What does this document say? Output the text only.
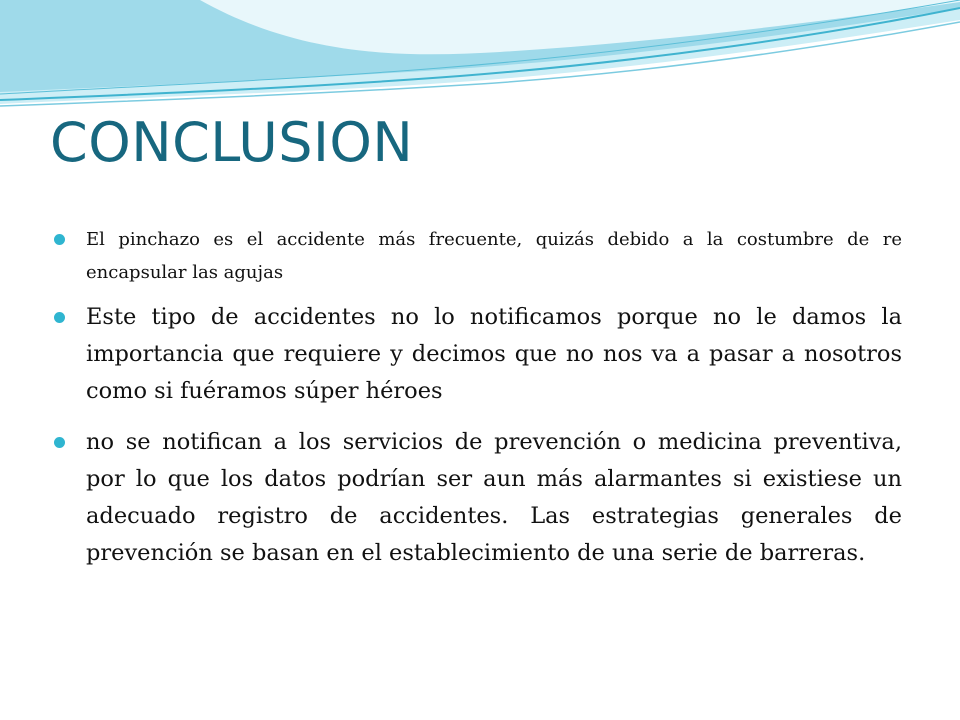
CONCLUSION
El pinchazo es el accidente más frecuente, quizás debido a la costumbre de re encapsular las agujas
Este tipo de accidentes no lo notificamos porque no le damos la importancia que requiere y decimos que no nos va a pasar a nosotros como si fuéramos súper héroes
no se notifican a los servicios de prevención o medicina preventiva, por lo que los datos podrían ser aun más alarmantes si existiese un adecuado registro de accidentes. Las estrategias generales de prevención se basan en el establecimiento de una serie de barreras.
